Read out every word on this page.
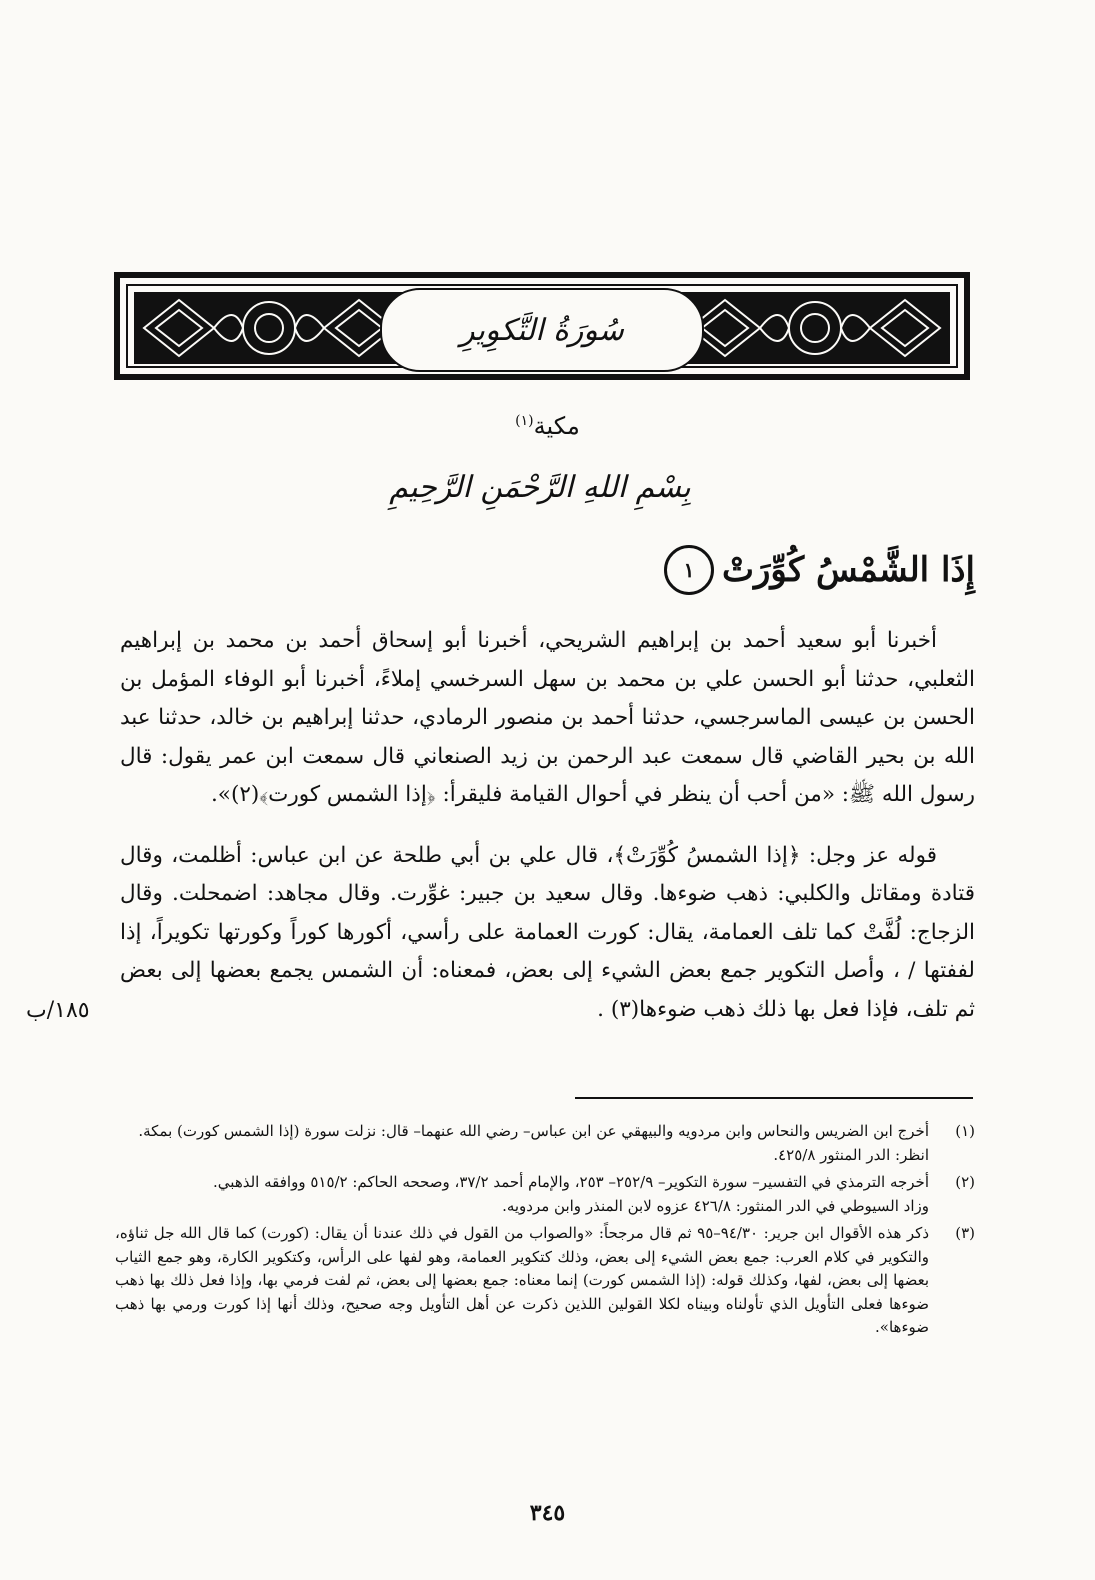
سُورَةُ التَّكوِيرِ
مكية$^{(١)}$
بِسْمِ اللهِ الرَّحْمَنِ الرَّحِيمِ
إِذَا الشَّمْسُ كُوِّرَتْ
١

أخبرنا أبو سعيد أحمد بن إبراهيم الشريحي، أخبرنا أبو إسحاق أحمد بن محمد بن إبراهيم الثعلبي، حدثنا أبو الحسن علي بن محمد بن سهل السرخسي إملاءً، أخبرنا أبو الوفاء المؤمل بن الحسن بن عيسى الماسرجسي، حدثنا أحمد بن منصور الرمادي، حدثنا إبراهيم بن خالد، حدثنا عبد الله بن بحير القاضي قال سمعت عبد الرحمن بن زيد الصنعاني قال سمعت ابن عمر يقول: قال رسول الله ﷺ: «من أحب أن ينظر في أحوال القيامة فليقرأ: ﴿إذا الشمس كورت﴾(٢)».

قوله عز وجل: ﴿إذا الشمسُ كُوِّرَتْ﴾، قال علي بن أبي طلحة عن ابن عباس: أظلمت، وقال قتادة ومقاتل والكلبي: ذهب ضوءها. وقال سعيد بن جبير: غوِّرت. وقال مجاهد: اضمحلت. وقال الزجاج: لُفَّتْ كما تلف العمامة، يقال: كورت العمامة على رأسي، أكورها كوراً وكورتها تكويراً، إذا لففتها / ، وأصل التكوير جمع بعض الشيء إلى بعض، فمعناه: أن الشمس يجمع بعضها إلى بعض ثم تلف، فإذا فعل بها ذلك ذهب ضوءها(٣) .

١٨٥/ب
(١)
أخرج ابن الضريس والنحاس وابن مردويه والبيهقي عن ابن عباس– رضي الله عنهما– قال: نزلت سورة (إذا الشمس كورت) بمكة.
انظر: الدر المنثور ٤٢٥/٨.
(٢)
أخرجه الترمذي في التفسير– سورة التكوير– ٢٥٢/٩– ٢٥٣، والإمام أحمد ٣٧/٢، وصححه الحاكم: ٥١٥/٢ ووافقه الذهبي.
وزاد السيوطي في الدر المنثور: ٤٢٦/٨ عزوه لابن المنذر وابن مردويه.
(٣)
ذكر هذه الأقوال ابن جرير: ٩٤/٣٠–٩٥ ثم قال مرجحاً: «والصواب من القول في ذلك عندنا أن يقال: (كورت) كما قال الله جل ثناؤه، والتكوير في كلام العرب: جمع بعض الشيء إلى بعض، وذلك كتكوير العمامة، وهو لفها على الرأس، وكتكوير الكارة، وهو جمع الثياب بعضها إلى بعض، لفها، وكذلك قوله: (إذا الشمس كورت) إنما معناه: جمع بعضها إلى بعض، ثم لفت فرمي بها، وإذا فعل ذلك بها ذهب ضوءها فعلى التأويل الذي تأولناه وبيناه لكلا القولين اللذين ذكرت عن أهل التأويل وجه صحيح، وذلك أنها إذا كورت ورمي بها ذهب ضوءها».
٣٤٥
